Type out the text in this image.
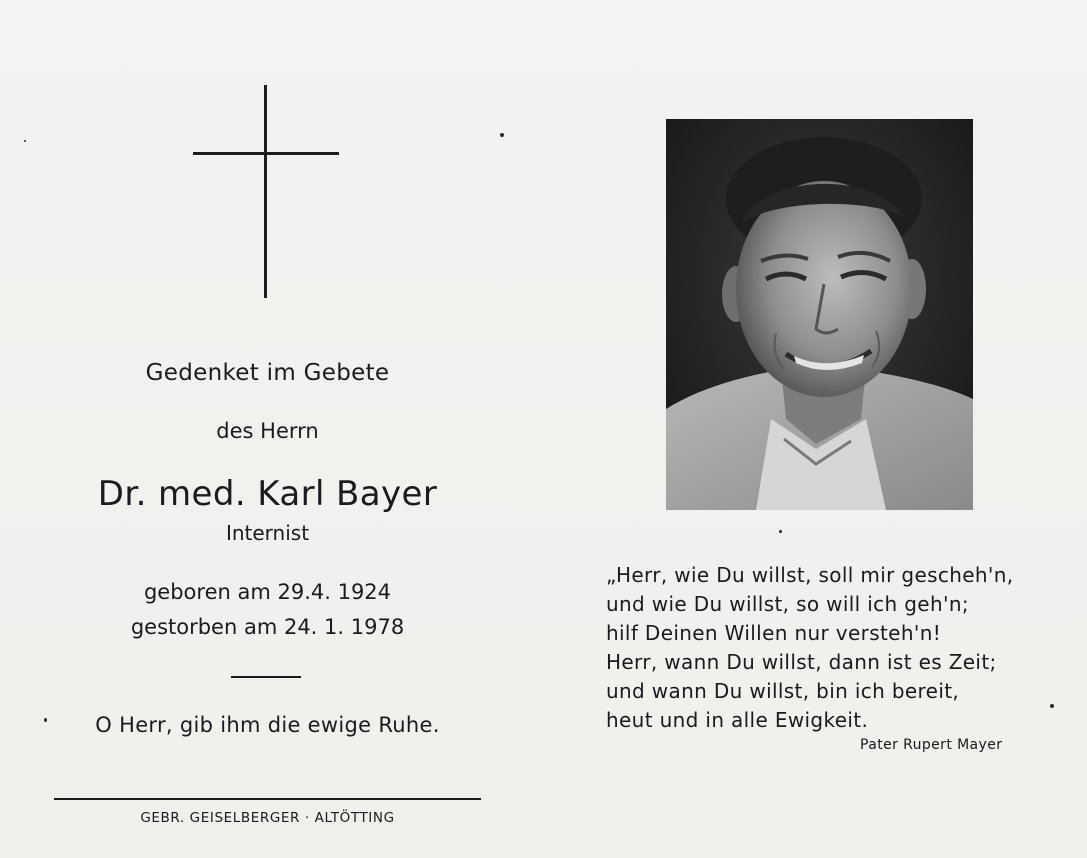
Gedenket im Gebete
des Herrn
Dr. med. Karl Bayer
Internist
geboren am 29.4. 1924
gestorben am 24. 1. 1978
O Herr, gib ihm die ewige Ruhe.
GEBR. GEISELBERGER · ALTÖTTING
„Herr, wie Du willst, soll mir gescheh'n,
und wie Du willst, so will ich geh'n;
hilf Deinen Willen nur versteh'n!
Herr, wann Du willst, dann ist es Zeit;
und wann Du willst, bin ich bereit,
heut und in alle Ewigkeit.
Pater Rupert Mayer
